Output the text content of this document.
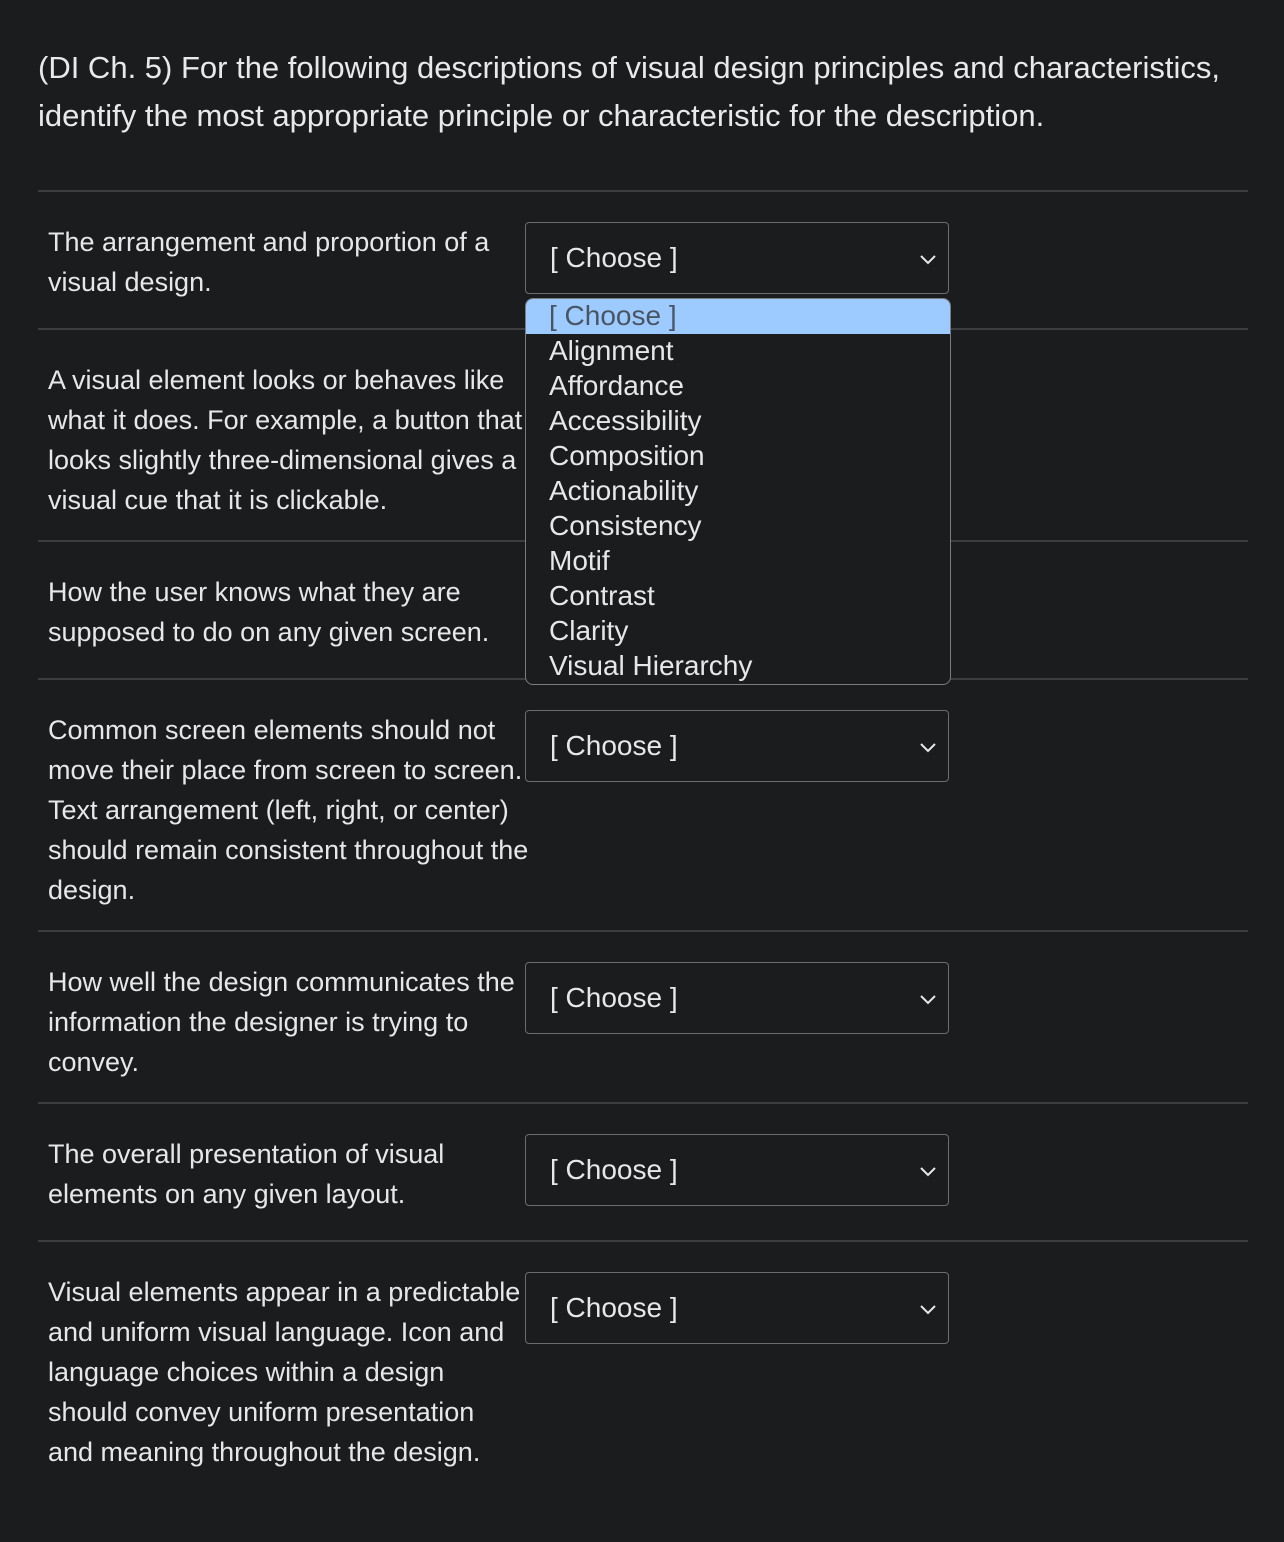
(DI Ch. 5) For the following descriptions of visual design principles and characteristics, identify the most appropriate principle or characteristic for the description.
The arrangement and proportion of a visual design.
[ Choose ]
A visual element looks or behaves like what it does. For example, a button that looks slightly three-dimensional gives a visual cue that it is clickable.
How the user knows what they are supposed to do on any given screen.
Common screen elements should not move their place from screen to screen. Text arrangement (left, right, or center) should remain consistent throughout the design.
[ Choose ]
How well the design communicates the information the designer is trying to convey.
[ Choose ]
The overall presentation of visual elements on any given layout.
[ Choose ]
Visual elements appear in a predictable and uniform visual language. Icon and language choices within a design should convey uniform presentation and meaning throughout the design.
[ Choose ]
[ Choose ]
Alignment
Affordance
Accessibility
Composition
Actionability
Consistency
Motif
Contrast
Clarity
Visual Hierarchy
